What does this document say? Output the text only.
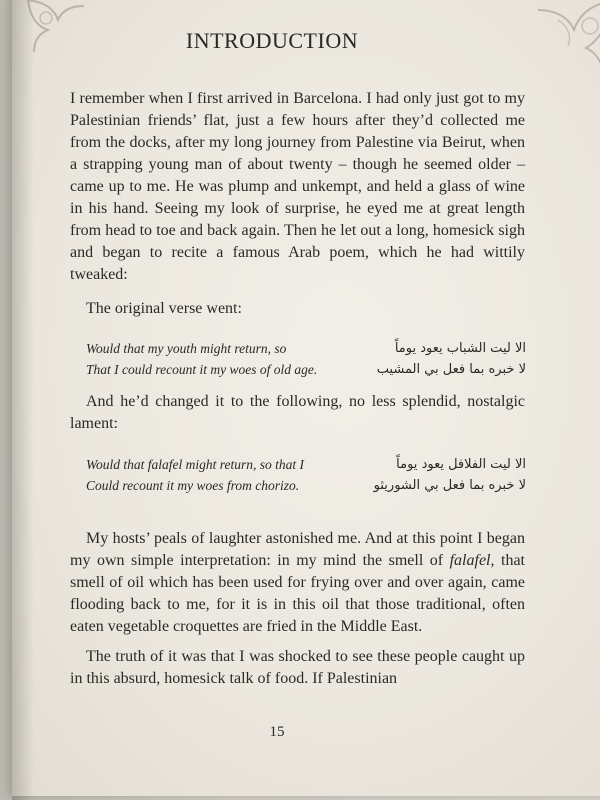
INTRODUCTION

I remember when I first arrived in Barcelona. I had only just got to my Palestinian friends’ flat, just a few hours after they’d collected me from the docks, after my long journey from Palestine via Beirut, when a strapping young man of about twenty – though he seemed older – came up to me. He was plump and unkempt, and held a glass of wine in his hand. Seeing my look of surprise, he eyed me at great length from head to toe and back again. Then he let out a long, homesick sigh and began to recite a famous Arab poem, which he had wittily tweaked:

The original verse went:

Would that my youth might return, so	الا ليت الشباب يعود يوماً
That I could recount it my woes of old age.	لا خبره بما فعل بي المشيب

And he’d changed it to the following, no less splendid, nostalgic lament:

Would that falafel might return, so that I	الا ليت الفلافل يعود يوماً
Could recount it my woes from chorizo.	لا خبره بما فعل بي الشوريثو

My hosts’ peals of laughter astonished me. And at this point I began my own simple interpretation: in my mind the smell of falafel, that smell of oil which has been used for frying over and over again, came flooding back to me, for it is in this oil that those traditional, often eaten vegetable croquettes are fried in the Middle East.

The truth of it was that I was shocked to see these people caught up in this absurd, homesick talk of food. If Palestinian

15
